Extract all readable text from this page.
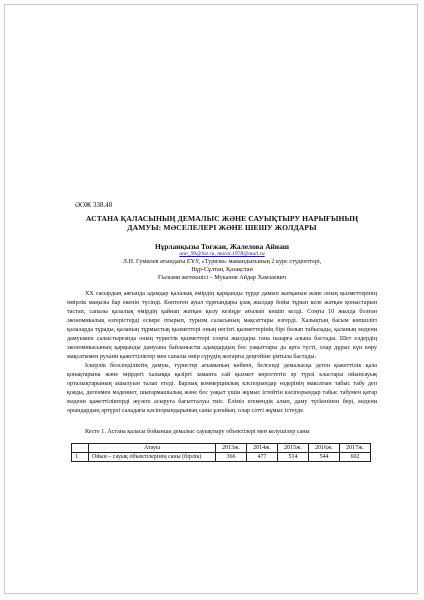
ӘОЖ 338.48
АСТАНА ҚАЛАСЫНЫҢ ДЕМАЛЫС ЖӘНЕ САУЫҚТЫРУ НАРЫҒЫНЫҢ
ДАМУЫ: МӘСЕЛЕЛЕРІ ЖӘНЕ ШЕШУ ЖОЛДАРЫ
Нұрланқызы Тоғжан, Жалелова Айнаш
ann_99@list.ru, maral.1978@mail.ru
Л.Н. Гумилев атындағы ЕҰУ, «Туризм» мамандығының 2 курс студенттері,
Нұр-Сұлтан, Қазақстан
Ғылыми жетекшісі – Муканов Айдар Хамзаевич

XX ғасырдың аяғында адамдар қалалық өмірдің қарқынды түрде дамып жатқанын және оның қызметтерінің өмірлік маңызы бар екенін түсінді. Көптеген ауыл тұрғындары ұзақ жылдар бойы тұрып келе жатқан қоныстарын тастап, сапалы қалалық өмірдің қайнап жатқан қызу кезіңде ағылып көшіп келді. Соңғы 10 жылда болған экономикалық өзгерістерді ескере отырып, туризм саласының мақсаттары өзгерді. Халықтың басым көпшілігі қалаларда тұрады, қаланың тұрмыстық қызметтері оның негізгі қызметтерінің бірі болып табылады, қаланың мәдени дамуымен салыстырғанда оның туристік қызметтері соңғы жылдары гана назарға алына бастады. Шет елдердің экономикасының қарқынды дамуына байланысты адамдардың бос уақыттары да арта түсті, олар дұрыс күн көру мақсатымен рухани қажеттіліктер мен сапалы өмір сүрудің жоғарғы деңгейіне ұмтыла бастады.

Іскерлік белсенділіктің дамуы, туристер ағымының көбеюі, белсенді демалысқа деген қажеттілік қала қонақтарына және өңірдегі халыққа қазіргі заманға сай қызмет көрсететін әр түрлі кластары ойынсауық орталықтарының ашылуын талап етеді. Барлық коммерциялық клспорындар өздерінің максатын табыс табу деп қояды, дегенмен мәдениет, шығармашылық және бос уақыт үшін жұмыс істейтін кәсіпорындар табыс табумен қатар мәдени қажеттіліктерді жүзеге асыруға бағытталуы тиіс. Еліміз егемендік алып, даму түсkенінен бері, мәдени орындардың әртүрлі саладағы кәсіпорындарының саны ұлғайып, олар сәтті жұмыс істеуде.

Кесте 1. Астана қаласы бойынша демалыс сауықтыру объектілері мен келушілер саны
	Атауы	2013ж.	2014ж.	2015ж.	2016ж.	2017ж.
1	Ойын – сауық объектілерінің саны (бірлік)	366	477	514	544	602
